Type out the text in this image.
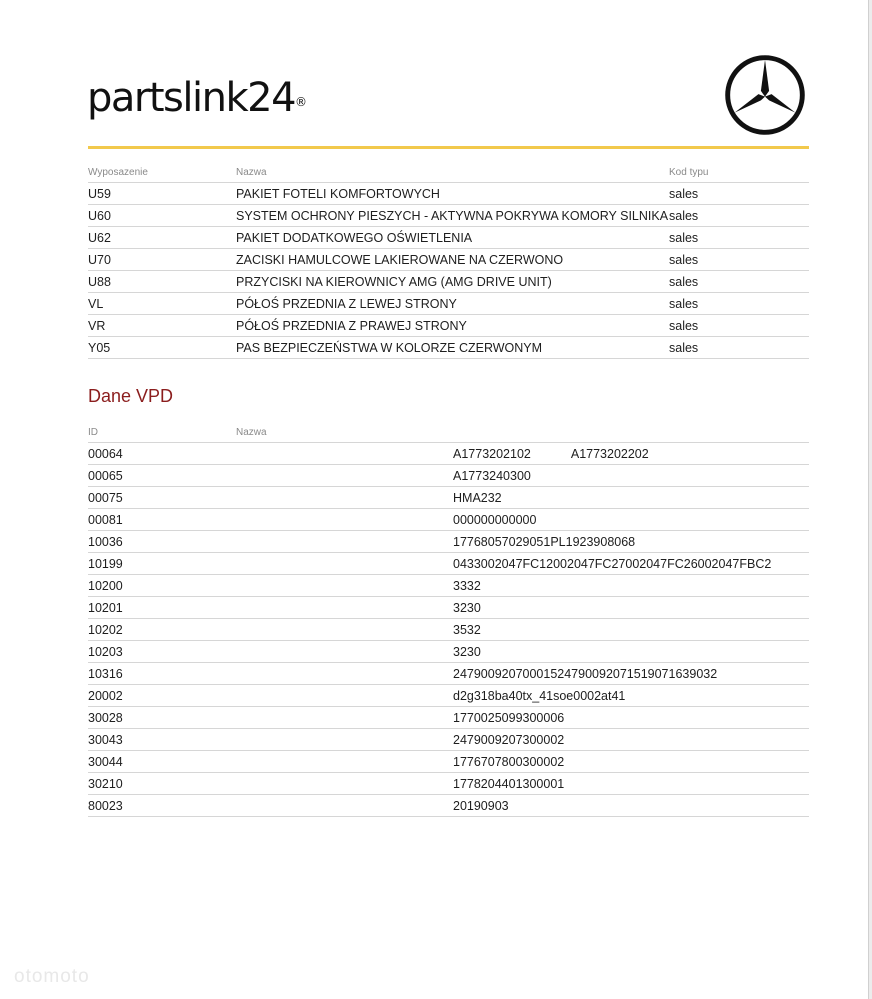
partslink24®
Wyposazenie	Nazwa	Kod typu
U59	PAKIET FOTELI KOMFORTOWYCH	sales
U60	SYSTEM OCHRONY PIESZYCH - AKTYWNA POKRYWA KOMORY SILNIKA	sales
U62	PAKIET DODATKOWEGO OŚWIETLENIA	sales
U70	ZACISKI HAMULCOWE LAKIEROWANE NA CZERWONO	sales
U88	PRZYCISKI NA KIEROWNICY AMG (AMG DRIVE UNIT)	sales
VL	PÓŁOŚ PRZEDNIA Z LEWEJ STRONY	sales
VR	PÓŁOŚ PRZEDNIA Z PRAWEJ STRONY	sales
Y05	PAS BEZPIECZEŃSTWA W KOLORZE CZERWONYM	sales
Dane VPD
ID	Nazwa	
00064		A1773202102 A1773202202
00065		A1773240300
00075		HMA232
00081		000000000000
10036		17768057029051PL1923908068
10199		0433002047FC12002047FC27002047FC26002047FBC2
10200		3332
10201		3230
10202		3532
10203		3230
10316		24790092070001524790092071519071639032
20002		d2g318ba40tx_41soe0002at41
30028		1770025099300006
30043		2479009207300002
30044		1776707800300002
30210		1778204401300001
80023		20190903
otomoto
